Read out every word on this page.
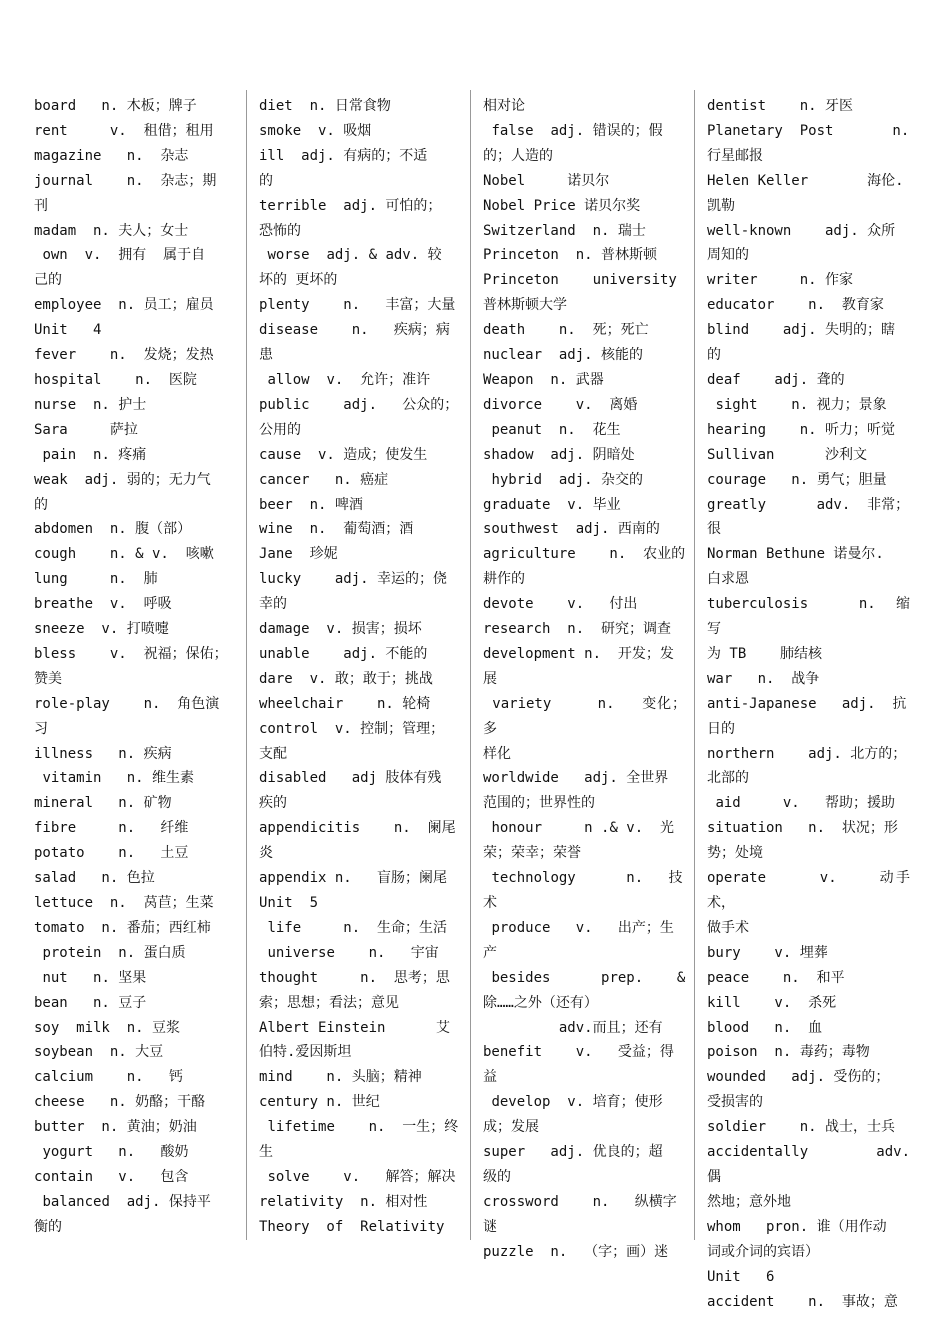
board   n. 木板；牌子
rent     v.  租借；租用
magazine   n.  杂志
journal    n.  杂志；期
刊
madam  n. 夫人；女士
own  v.  拥有  属于自
己的
employee  n. 员工；雇员
Unit   4
fever    n.  发烧；发热
hospital    n.  医院
nurse  n. 护士
Sara     萨拉
pain  n. 疼痛
weak  adj. 弱的；无力气
的
abdomen  n. 腹（部）
cough    n. & v.  咳嗽
lung     n.  肺
breathe  v.  呼吸
sneeze  v. 打喷嚏
bless    v.  祝福；保佑；
赞美
role-play    n.  角色演
习
illness   n. 疾病
vitamin   n. 维生素
mineral   n. 矿物
fibre     n.   纤维
potato    n.   土豆
salad   n. 色拉
lettuce  n.  莴苣；生菜
tomato  n. 番茄；西红柿
protein  n. 蛋白质
nut   n. 坚果
bean   n. 豆子
soy  milk  n. 豆浆
soybean  n. 大豆
calcium    n.   钙
cheese   n. 奶酪；干酪
butter  n. 黄油；奶油
yogurt   n.   酸奶
contain   v.   包含
balanced  adj. 保持平
衡的
diet  n. 日常食物
smoke  v. 吸烟
ill  adj. 有病的；不适
的
terrible  adj. 可怕的；
恐怖的
worse  adj. & adv. 较
坏的 更坏的
plenty    n.   丰富；大量
disease    n.   疾病；病
患
allow  v.  允许；准许
public    adj.   公众的；
公用的
cause  v. 造成；使发生
cancer   n. 癌症
beer  n. 啤酒
wine  n.  葡萄酒；酒
Jane  珍妮
lucky    adj. 幸运的；侥
幸的
damage  v. 损害；损坏
unable    adj. 不能的
dare  v. 敢；敢于；挑战
wheelchair    n. 轮椅
control  v. 控制；管理；
支配
disabled   adj 肢体有残
疾的
appendicitis    n.  阑尾
炎
appendix n.   盲肠；阑尾
Unit  5
life     n.  生命；生活
universe    n.   宇宙
thought     n.  思考；思
索；思想；看法；意见
Albert Einstein      艾
伯特.爱因斯坦
mind    n. 头脑；精神
century n. 世纪
lifetime    n.  一生；终
生
solve    v.   解答；解决
relativity  n. 相对性
Theory  of  Relativity
相对论
false  adj. 错误的；假
的；人造的
Nobel     诺贝尔
Nobel Price 诺贝尔奖
Switzerland  n. 瑞士
Princeton  n. 普林斯顿
Princeton    university
普林斯顿大学
death    n.  死；死亡
nuclear  adj. 核能的
Weapon  n. 武器
divorce    v.  离婚
peanut  n.  花生
shadow  adj. 阴暗处
hybrid  adj. 杂交的
graduate  v. 毕业
southwest  adj. 西南的
agriculture    n.  农业的
耕作的
devote    v.   付出
research  n.  研究；调查
development n.  开发；发
展
variety     n.   变化；多
样化
worldwide   adj. 全世界
范围的；世界性的
honour     n .& v.  光
荣；荣幸；荣誉
technology      n.   技
术
produce   v.   出产；生
产
besides      prep.    &
除……之外（还有）
adv.而且；还有
benefit    v.   受益；得
益
develop  v. 培育；使形
成；发展
super   adj. 优良的；超
级的
crossword    n.   纵横字
谜
puzzle  n.  （字；画）迷
dentist    n. 牙医
Planetary  Post       n.
行星邮报
Helen Keller       海伦.
凯勒
well-known    adj. 众所
周知的
writer     n. 作家
educator    n.  教育家
blind    adj. 失明的；瞎
的
deaf    adj. 聋的
sight    n. 视力；景象
hearing    n. 听力；听觉
Sullivan      沙利文
courage   n. 勇气；胆量
greatly      adv.  非常；
很
Norman Bethune 诺曼尔.
白求恩
tuberculosis     n.  缩写
为 TB    肺结核
war   n.  战争
anti-Japanese   adj.  抗
日的
northern    adj. 北方的；
北部的
aid     v.   帮助；援助
situation   n.  状况；形
势；处境
operate     v.    动手术，
做手术
bury    v. 埋葬
peace    n.  和平
kill    v.  杀死
blood   n.  血
poison  n. 毒药；毒物
wounded   adj. 受伤的；
受损害的
soldier    n. 战士，士兵
accidentally    adv.   偶
然地；意外地
whom   pron. 谁（用作动
词或介词的宾语）
Unit   6
accident    n.  事故；意
